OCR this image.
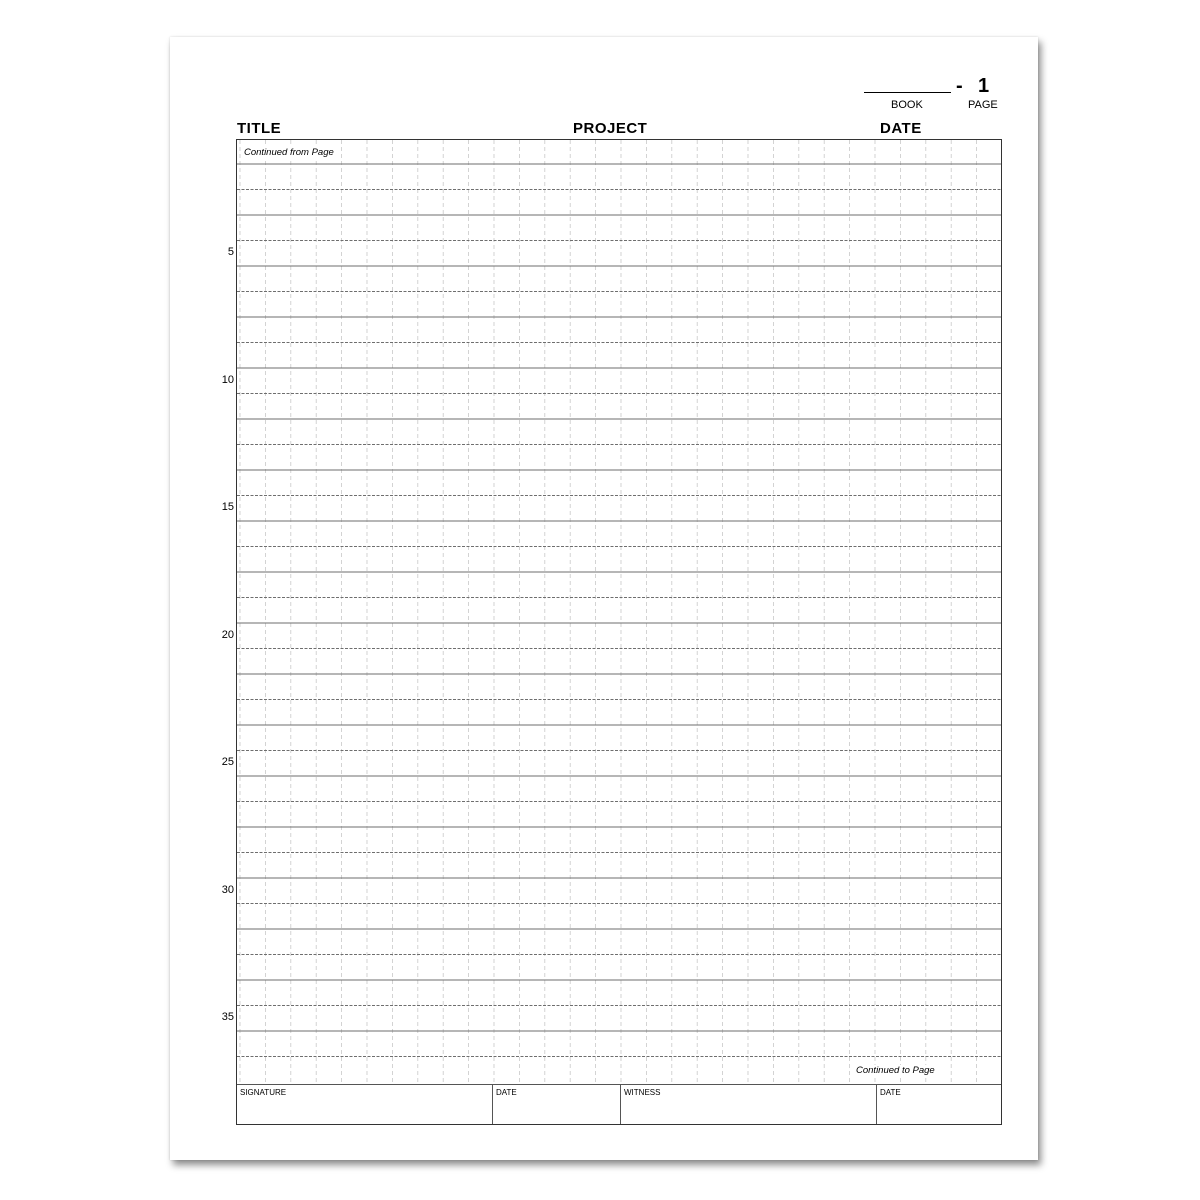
- 1
BOOK	PAGE
TITLE	PROJECT	DATE
5
10
15
20
25
30
35
Continued from Page
Continued to Page
SIGNATURE	DATE	WITNESS	DATE
